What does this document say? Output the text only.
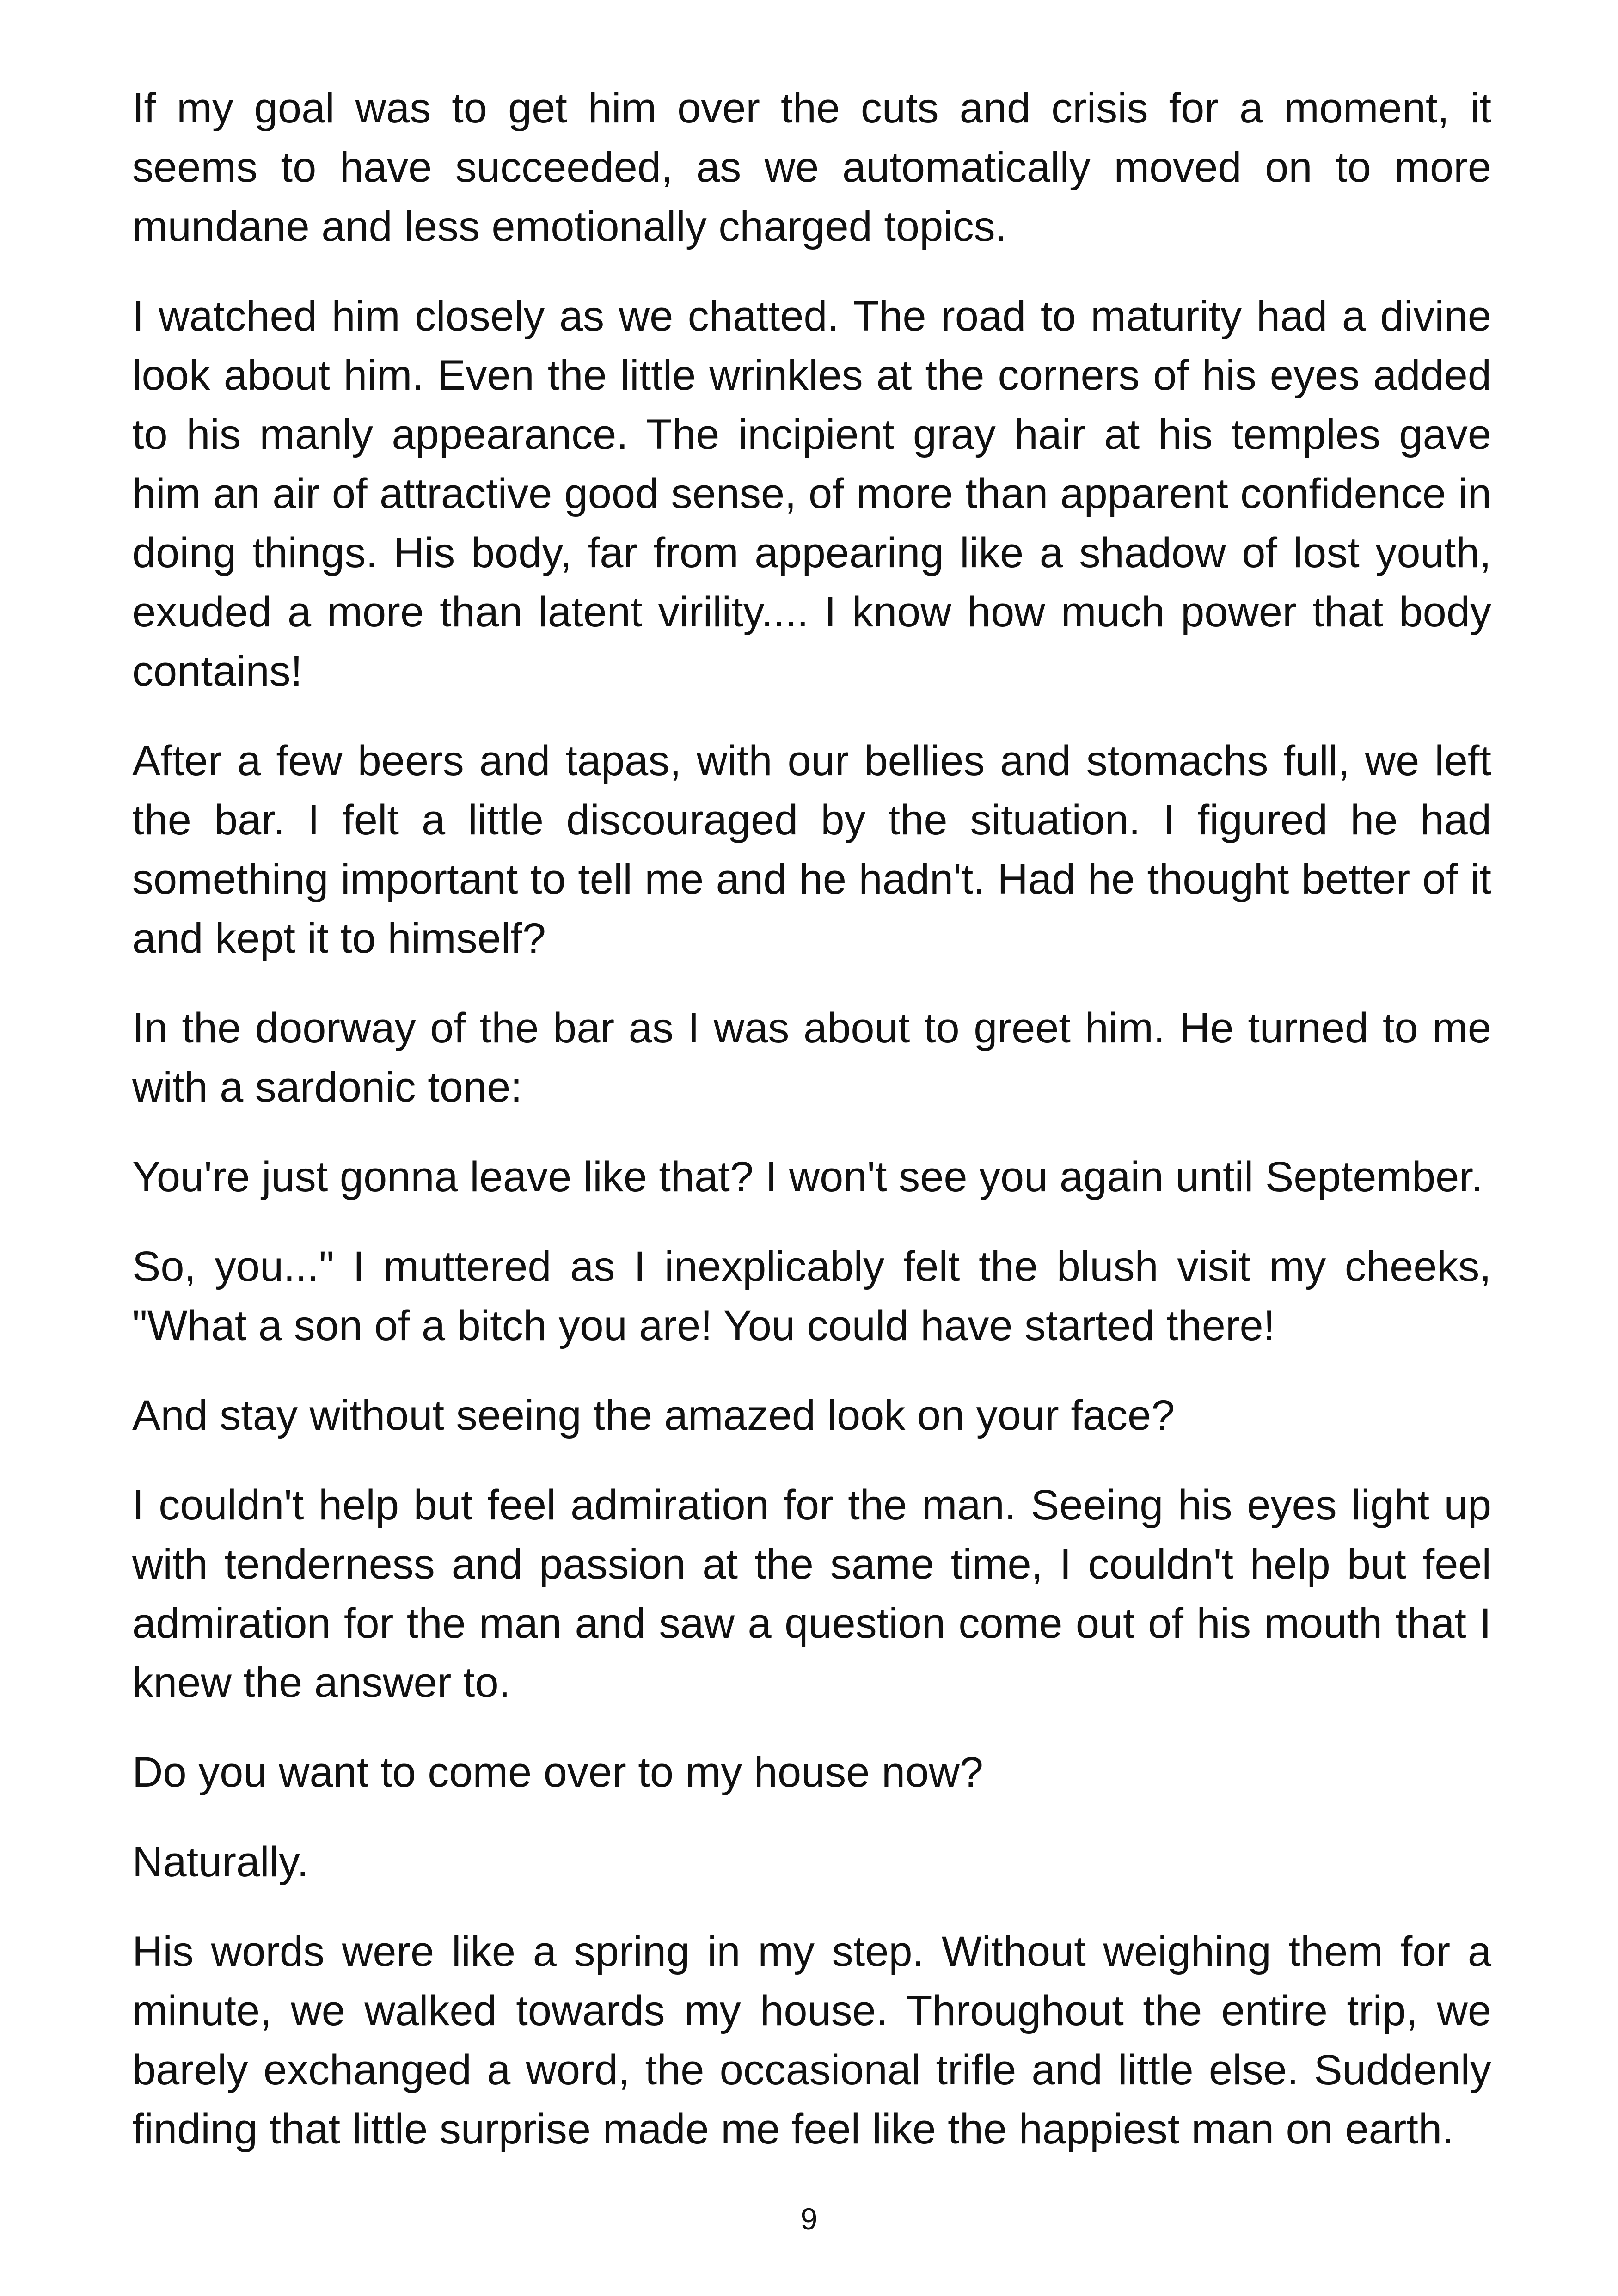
If my goal was to get him over the cuts and crisis for a moment, it seems to have succeeded, as we automatically moved on to more mundane and less emotionally charged topics.

I watched him closely as we chatted. The road to maturity had a divine look about him. Even the little wrinkles at the corners of his eyes added to his manly appearance. The incipient gray hair at his temples gave him an air of attractive good sense, of more than apparent confidence in doing things. His body, far from appearing like a shadow of lost youth, exuded a more than latent virility.... I know how much power that body contains!

After a few beers and tapas, with our bellies and stomachs full, we left the bar. I felt a little discouraged by the situation. I figured he had something important to tell me and he hadn't. Had he thought better of it and kept it to himself?

In the doorway of the bar as I was about to greet him. He turned to me with a sardonic tone:

You're just gonna leave like that? I won't see you again until September.

So, you..." I muttered as I inexplicably felt the blush visit my cheeks, "What a son of a bitch you are! You could have started there!

And stay without seeing the amazed look on your face?

I couldn't help but feel admiration for the man. Seeing his eyes light up with tenderness and passion at the same time, I couldn't help but feel admiration for the man and saw a question come out of his mouth that I knew the answer to.

Do you want to come over to my house now?

Naturally.

His words were like a spring in my step. Without weighing them for a minute, we walked towards my house. Throughout the entire trip, we barely exchanged a word, the occasional trifle and little else. Suddenly finding that little surprise made me feel like the happiest man on earth.

9
